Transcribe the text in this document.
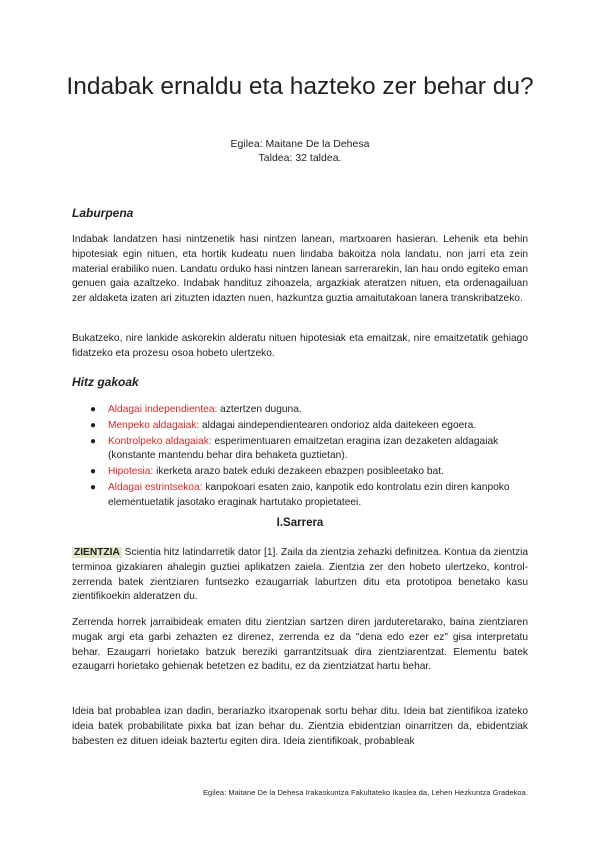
Indabak ernaldu eta hazteko zer behar du?
Egilea: Maitane De la Dehesa
Taldea: 32 taldea.
Laburpena

Indabak landatzen hasi nintzenetik hasi nintzen lanean, martxoaren hasieran. Lehenik eta behin hipotesiak egin nituen, eta hortik kudeatu nuen lindaba bakoitza nola landatu, non jarri eta zein material erabiliko nuen. Landatu orduko hasi nintzen lanean sarrerarekin, lan hau ondo egiteko eman genuen gaia azaltzeko. Indabak handituz zihoazela, argazkiak ateratzen nituen, eta ordenagailuan zer aldaketa izaten ari zituzten idazten nuen, hazkuntza guztia amaitutakoan lanera transkribatzeko.

Bukatzeko, nire lankide askorekin alderatu nituen hipotesiak eta emaitzak, nire emaitzetatik gehiago fidatzeko eta prozesu osoa hobeto ulertzeko.

Hitz gakoak
● Aldagai independientea: aztertzen duguna.
● Menpeko aldagaiak: aldagai aindependientearen ondorioz alda daitekeen egoera.
● Kontrolpeko aldagaiak: esperimentuaren emaitzetan eragina izan dezaketen aldagaiak (konstante mantendu behar dira behaketa guztietan).
● Hipotesia: ikerketa arazo batek eduki dezakeen ebazpen posibleetako bat.
● Aldagai estrintsekoa: kanpokoari esaten zaio, kanpotik edo kontrolatu ezin diren kanpoko elementuetatik jasotako eraginak hartutako propietateei.
I.Sarrera

ZIENTZIA Scientia hitz latindarretik dator [1]. Zaila da zientzia zehazki definitzea. Kontua da zientzia terminoa gizakiaren ahalegin guztiei aplikatzen zaiela. Zientzia zer den hobeto ulertzeko, kontrol-zerrenda batek zientziaren funtsezko ezaugarriak laburtzen ditu eta prototipoa benetako kasu zientifikoekin alderatzen du.

Zerrenda horrek jarraibideak ematen ditu zientzian sartzen diren jarduteretarako, baina zientziaren mugak argi eta garbi zehazten ez direnez, zerrenda ez da "dena edo ezer ez" gisa interpretatu behar. Ezaugarri horietako batzuk bereziki garrantzitsuak dira zientziarentzat. Elementu batek ezaugarri horietako gehienak betetzen ez baditu, ez da zientziatzat hartu behar.

Ideia bat probablea izan dadin, berariazko itxaropenak sortu behar ditu. Ideia bat zientifikoa izateko ideia batek probabilitate pixka bat izan behar du. Zientzia ebidentzian oinarritzen da, ebidentziak babesten ez dituen ideiak baztertu egiten dira. Ideia zientifikoak, probableak

Egilea: Maitane De la Dehesa Irakaskuntza Fakultateko Ikaslea da, Lehen Hezkuntza Gradekoa.
